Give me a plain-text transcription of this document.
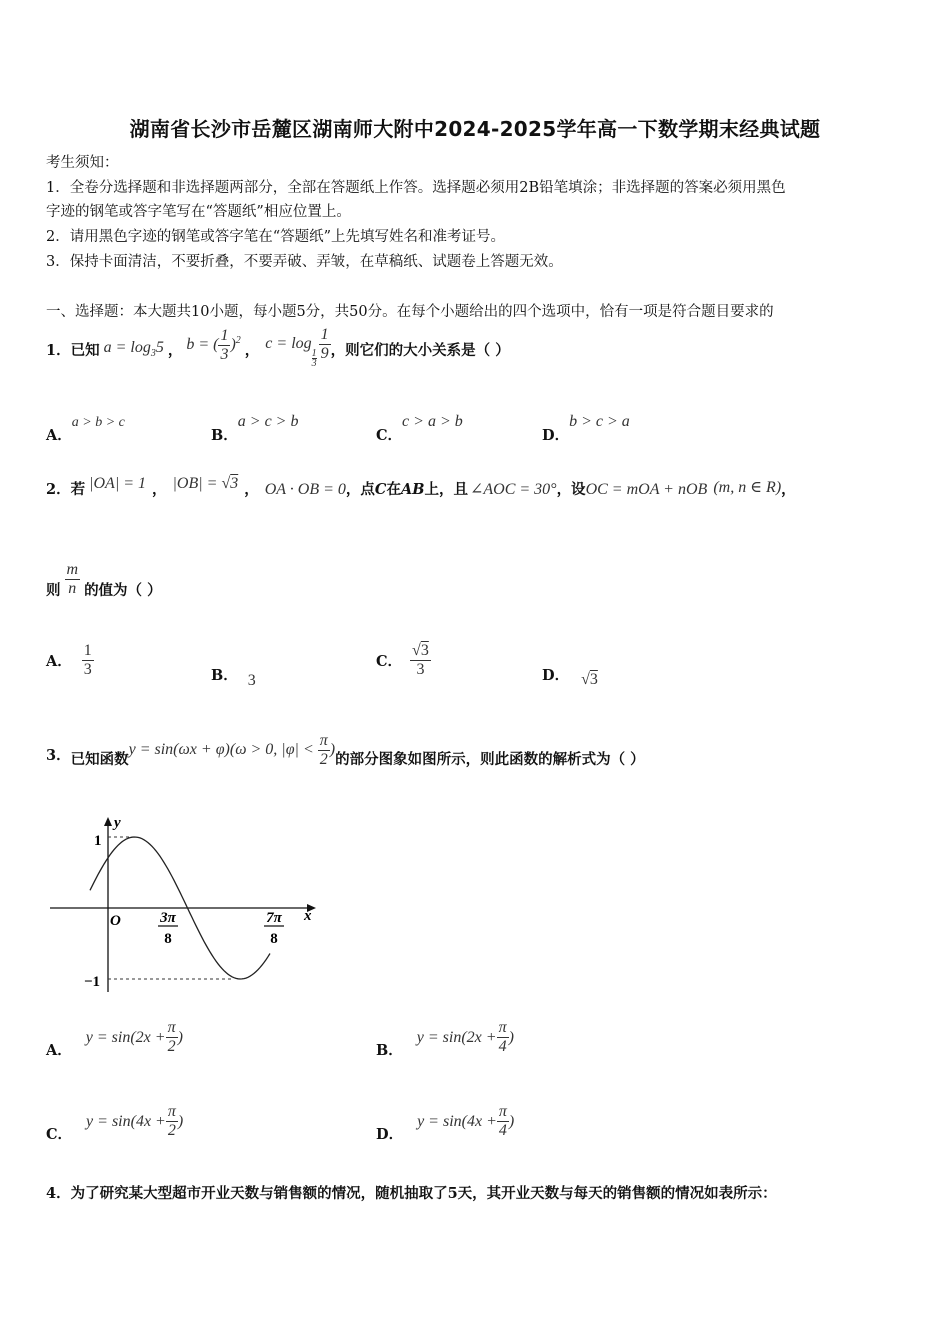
湖南省长沙市岳麓区湖南师大附中2024-2025学年高一下数学期末经典试题
考生须知：
1．全卷分选择题和非选择题两部分，全部在答题纸上作答。选择题必须用2B铅笔填涂；非选择题的答案必须用黑色
字迹的钢笔或答字笔写在“答题纸”相应位置上。
2．请用黑色字迹的钢笔或答字笔在“答题纸”上先填写姓名和准考证号。
3．保持卡面清洁，不要折叠，不要弄破、弄皱，在草稿纸、试题卷上答题无效。
一、选择题：本大题共10小题，每小题5分，共50分。在每个小题给出的四个选项中，恰有一项是符合题目要求的
1． 已知 $a = \log_35$ ， b = ( $\frac{1}{3} )^2$
， c = log
$_{\frac{1}{3}} \frac{1}{9}$ ，则它们的大小关系是（ ）
A．a > b > c
B．a > c > b
C．c > a > b
D．b > c > a
2． 若 |OA| = 1 ， |OB| = √3 ， OA · OB = 0 ，点 C 在 AB 上，且 ∠AOC = 30° ，设 OC = mOA + nOB (m, n ∈ R) ，
则 $\frac{m}{n}$ 的值为（ ）
A． $\frac{1}{3}$	B． 3
C． $\frac{√3}{3}$	D． √3
3． 已知函数
y = sin(ωx + φ)(ω > 0, $|\varphi| < \frac{\pi}{2}$ )
的部分图象如图所示，则此函数的解析式为（ ）
y
x
O
1
−1
3π
8
7π
8
A．
$y = \sin(2x + \frac{\pi}{2}$ )
B．
$y = \sin(2x + \frac{\pi}{4}$ )
C．
$y = \sin(4x + \frac{\pi}{2}$ )
D．
$y = \sin(4x + \frac{\pi}{4}$ )
4．为了研究某大型超市开业天数与销售额的情况，随机抽取了5天，其开业天数与每天的销售额的情况如表所示：
